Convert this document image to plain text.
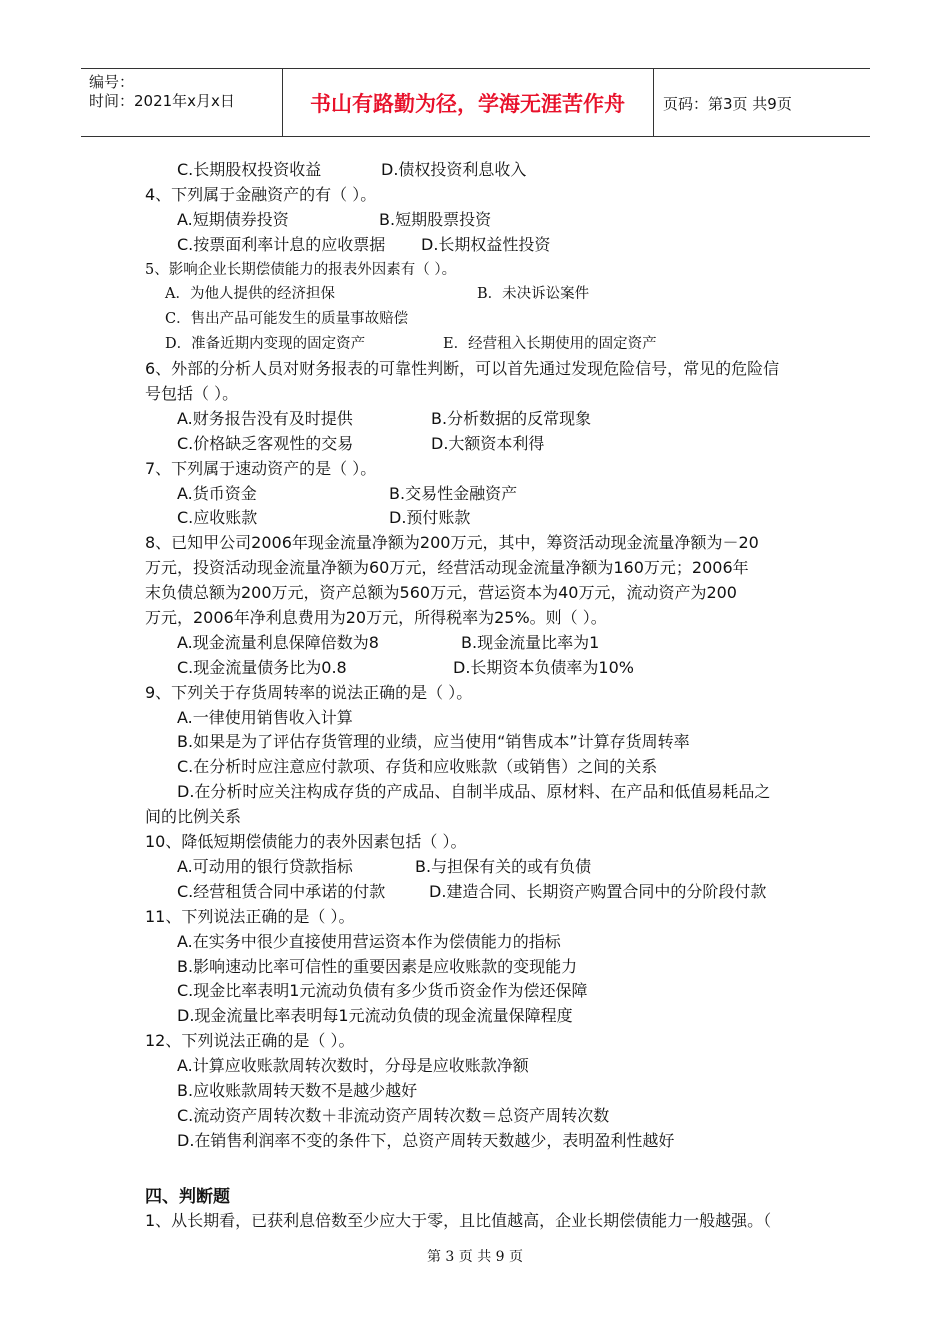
编号：
时间：2021年x月x日	书山有路勤为径，学海无涯苦作舟	页码：第3页 共9页
C.长期股权投资收益	D.债权投资利息收入
4、下列属于金融资产的有（ ）。
A.短期债券投资	B.短期股票投资
C.按票面利率计息的应收票据 D.长期权益性投资
5、影响企业长期偿债能力的报表外因素有（ ）。
A．为他人提供的经济担保	B．未决诉讼案件
C．售出产品可能发生的质量事故赔偿
D．准备近期内变现的固定资产	E．经营租入长期使用的固定资产
6、外部的分析人员对财务报表的可靠性判断，可以首先通过发现危险信号，常见的危险信
号包括（ ）。
A.财务报告没有及时提供	B.分析数据的反常现象
C.价格缺乏客观性的交易	D.大额资本利得
7、下列属于速动资产的是（ ）。
A.货币资金	B.交易性金融资产
C.应收账款	D.预付账款
8、已知甲公司2006年现金流量净额为200万元，其中，筹资活动现金流量净额为－20
万元，投资活动现金流量净额为60万元，经营活动现金流量净额为160万元；2006年
末负债总额为200万元，资产总额为560万元，营运资本为40万元，流动资产为200
万元，2006年净利息费用为20万元，所得税率为25%。则（ ）。
A.现金流量利息保障倍数为8	B.现金流量比率为1
C.现金流量债务比为0.8	D.长期资本负债率为10%
9、下列关于存货周转率的说法正确的是（ ）。
A.一律使用销售收入计算
B.如果是为了评估存货管理的业绩，应当使用“销售成本”计算存货周转率
C.在分析时应注意应付款项、存货和应收账款（或销售）之间的关系
D.在分析时应关注构成存货的产成品、自制半成品、原材料、在产品和低值易耗品之
间的比例关系
10、降低短期偿债能力的表外因素包括（ ）。
A.可动用的银行贷款指标	B.与担保有关的或有负债
C.经营租赁合同中承诺的付款	D.建造合同、长期资产购置合同中的分阶段付款
11、下列说法正确的是（ ）。
A.在实务中很少直接使用营运资本作为偿债能力的指标
B.影响速动比率可信性的重要因素是应收账款的变现能力
C.现金比率表明1元流动负债有多少货币资金作为偿还保障
D.现金流量比率表明每1元流动负债的现金流量保障程度
12、下列说法正确的是（ ）。
A.计算应收账款周转次数时，分母是应收账款净额
B.应收账款周转天数不是越少越好
C.流动资产周转次数＋非流动资产周转次数＝总资产周转次数
D.在销售利润率不变的条件下，总资产周转天数越少，表明盈利性越好
四、判断题
1、从长期看，已获利息倍数至少应大于零，且比值越高，企业长期偿债能力一般越强。（
第 3 页 共 9 页
